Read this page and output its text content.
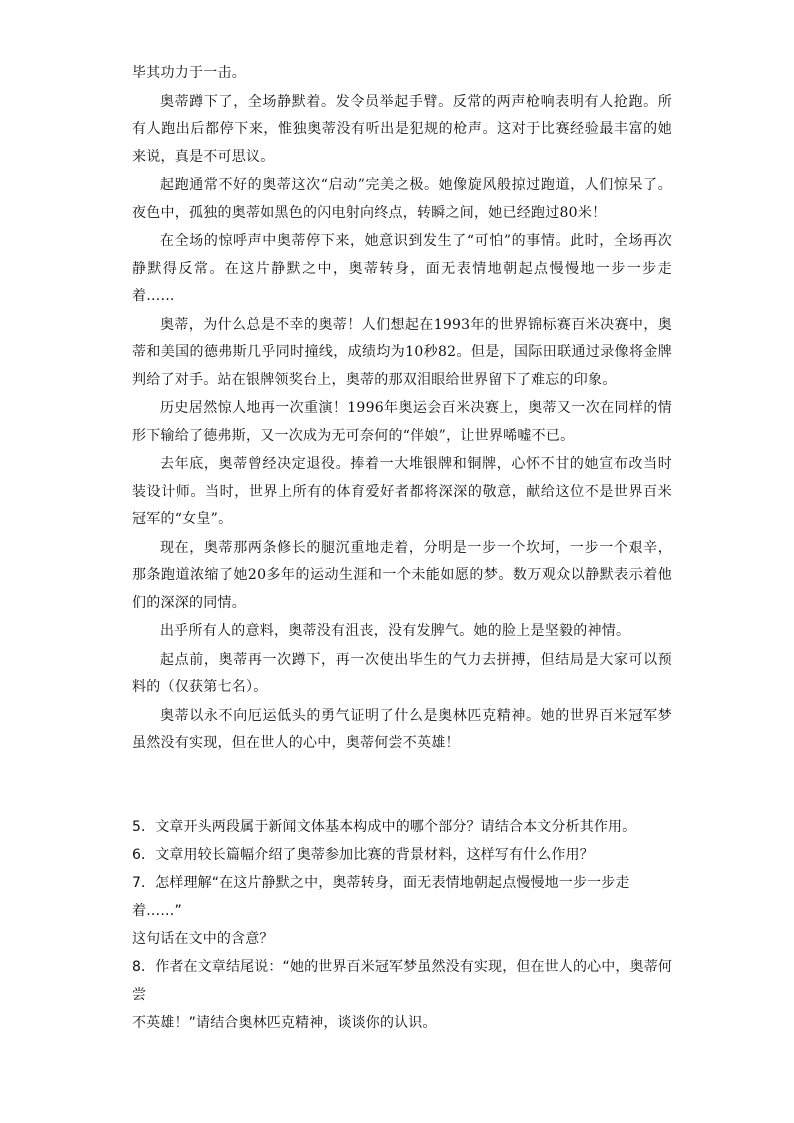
毕其功力于一击。

奥蒂蹲下了，全场静默着。发令员举起手臂。反常的两声枪响表明有人抢跑。所有人跑出后都停下来，惟独奥蒂没有听出是犯规的枪声。这对于比赛经验最丰富的她来说，真是不可思议。

起跑通常不好的奥蒂这次“启动”完美之极。她像旋风般掠过跑道，人们惊呆了。夜色中，孤独的奥蒂如黑色的闪电射向终点，转瞬之间，她已经跑过80米！

在全场的惊呼声中奥蒂停下来，她意识到发生了“可怕”的事情。此时，全场再次静默得反常。在这片静默之中，奥蒂转身，面无表情地朝起点慢慢地一步一步走着……

奥蒂，为什么总是不幸的奥蒂！人们想起在1993年的世界锦标赛百米决赛中，奥蒂和美国的德弗斯几乎同时撞线，成绩均为10秒82。但是，国际田联通过录像将金牌判给了对手。站在银牌领奖台上，奥蒂的那双泪眼给世界留下了难忘的印象。

历史居然惊人地再一次重演！1996年奥运会百米决赛上，奥蒂又一次在同样的情形下输给了德弗斯，又一次成为无可奈何的“伴娘”，让世界唏嘘不已。

去年底，奥蒂曾经决定退役。捧着一大堆银牌和铜牌，心怀不甘的她宣布改当时装设计师。当时，世界上所有的体育爱好者都将深深的敬意，献给这位不是世界百米冠军的“女皇”。

现在，奥蒂那两条修长的腿沉重地走着，分明是一步一个坎坷，一步一个艰辛，那条跑道浓缩了她20多年的运动生涯和一个未能如愿的梦。数万观众以静默表示着他们的深深的同情。

出乎所有人的意料，奥蒂没有沮丧，没有发脾气。她的脸上是坚毅的神情。

起点前，奥蒂再一次蹲下，再一次使出毕生的气力去拼搏，但结局是大家可以预料的（仅获第七名）。

奥蒂以永不向厄运低头的勇气证明了什么是奥林匹克精神。她的世界百米冠军梦虽然没有实现，但在世人的心中，奥蒂何尝不英雄！

5．文章开头两段属于新闻文体基本构成中的哪个部分？请结合本文分析其作用。

6．文章用较长篇幅介绍了奥蒂参加比赛的背景材料，这样写有什么作用？

7．怎样理解“在这片静默之中，奥蒂转身，面无表情地朝起点慢慢地一步一步走着……”

这句话在文中的含意？

8．作者在文章结尾说：“她的世界百米冠军梦虽然没有实现，但在世人的心中，奥蒂何尝

不英雄！”请结合奥林匹克精神，谈谈你的认识。
